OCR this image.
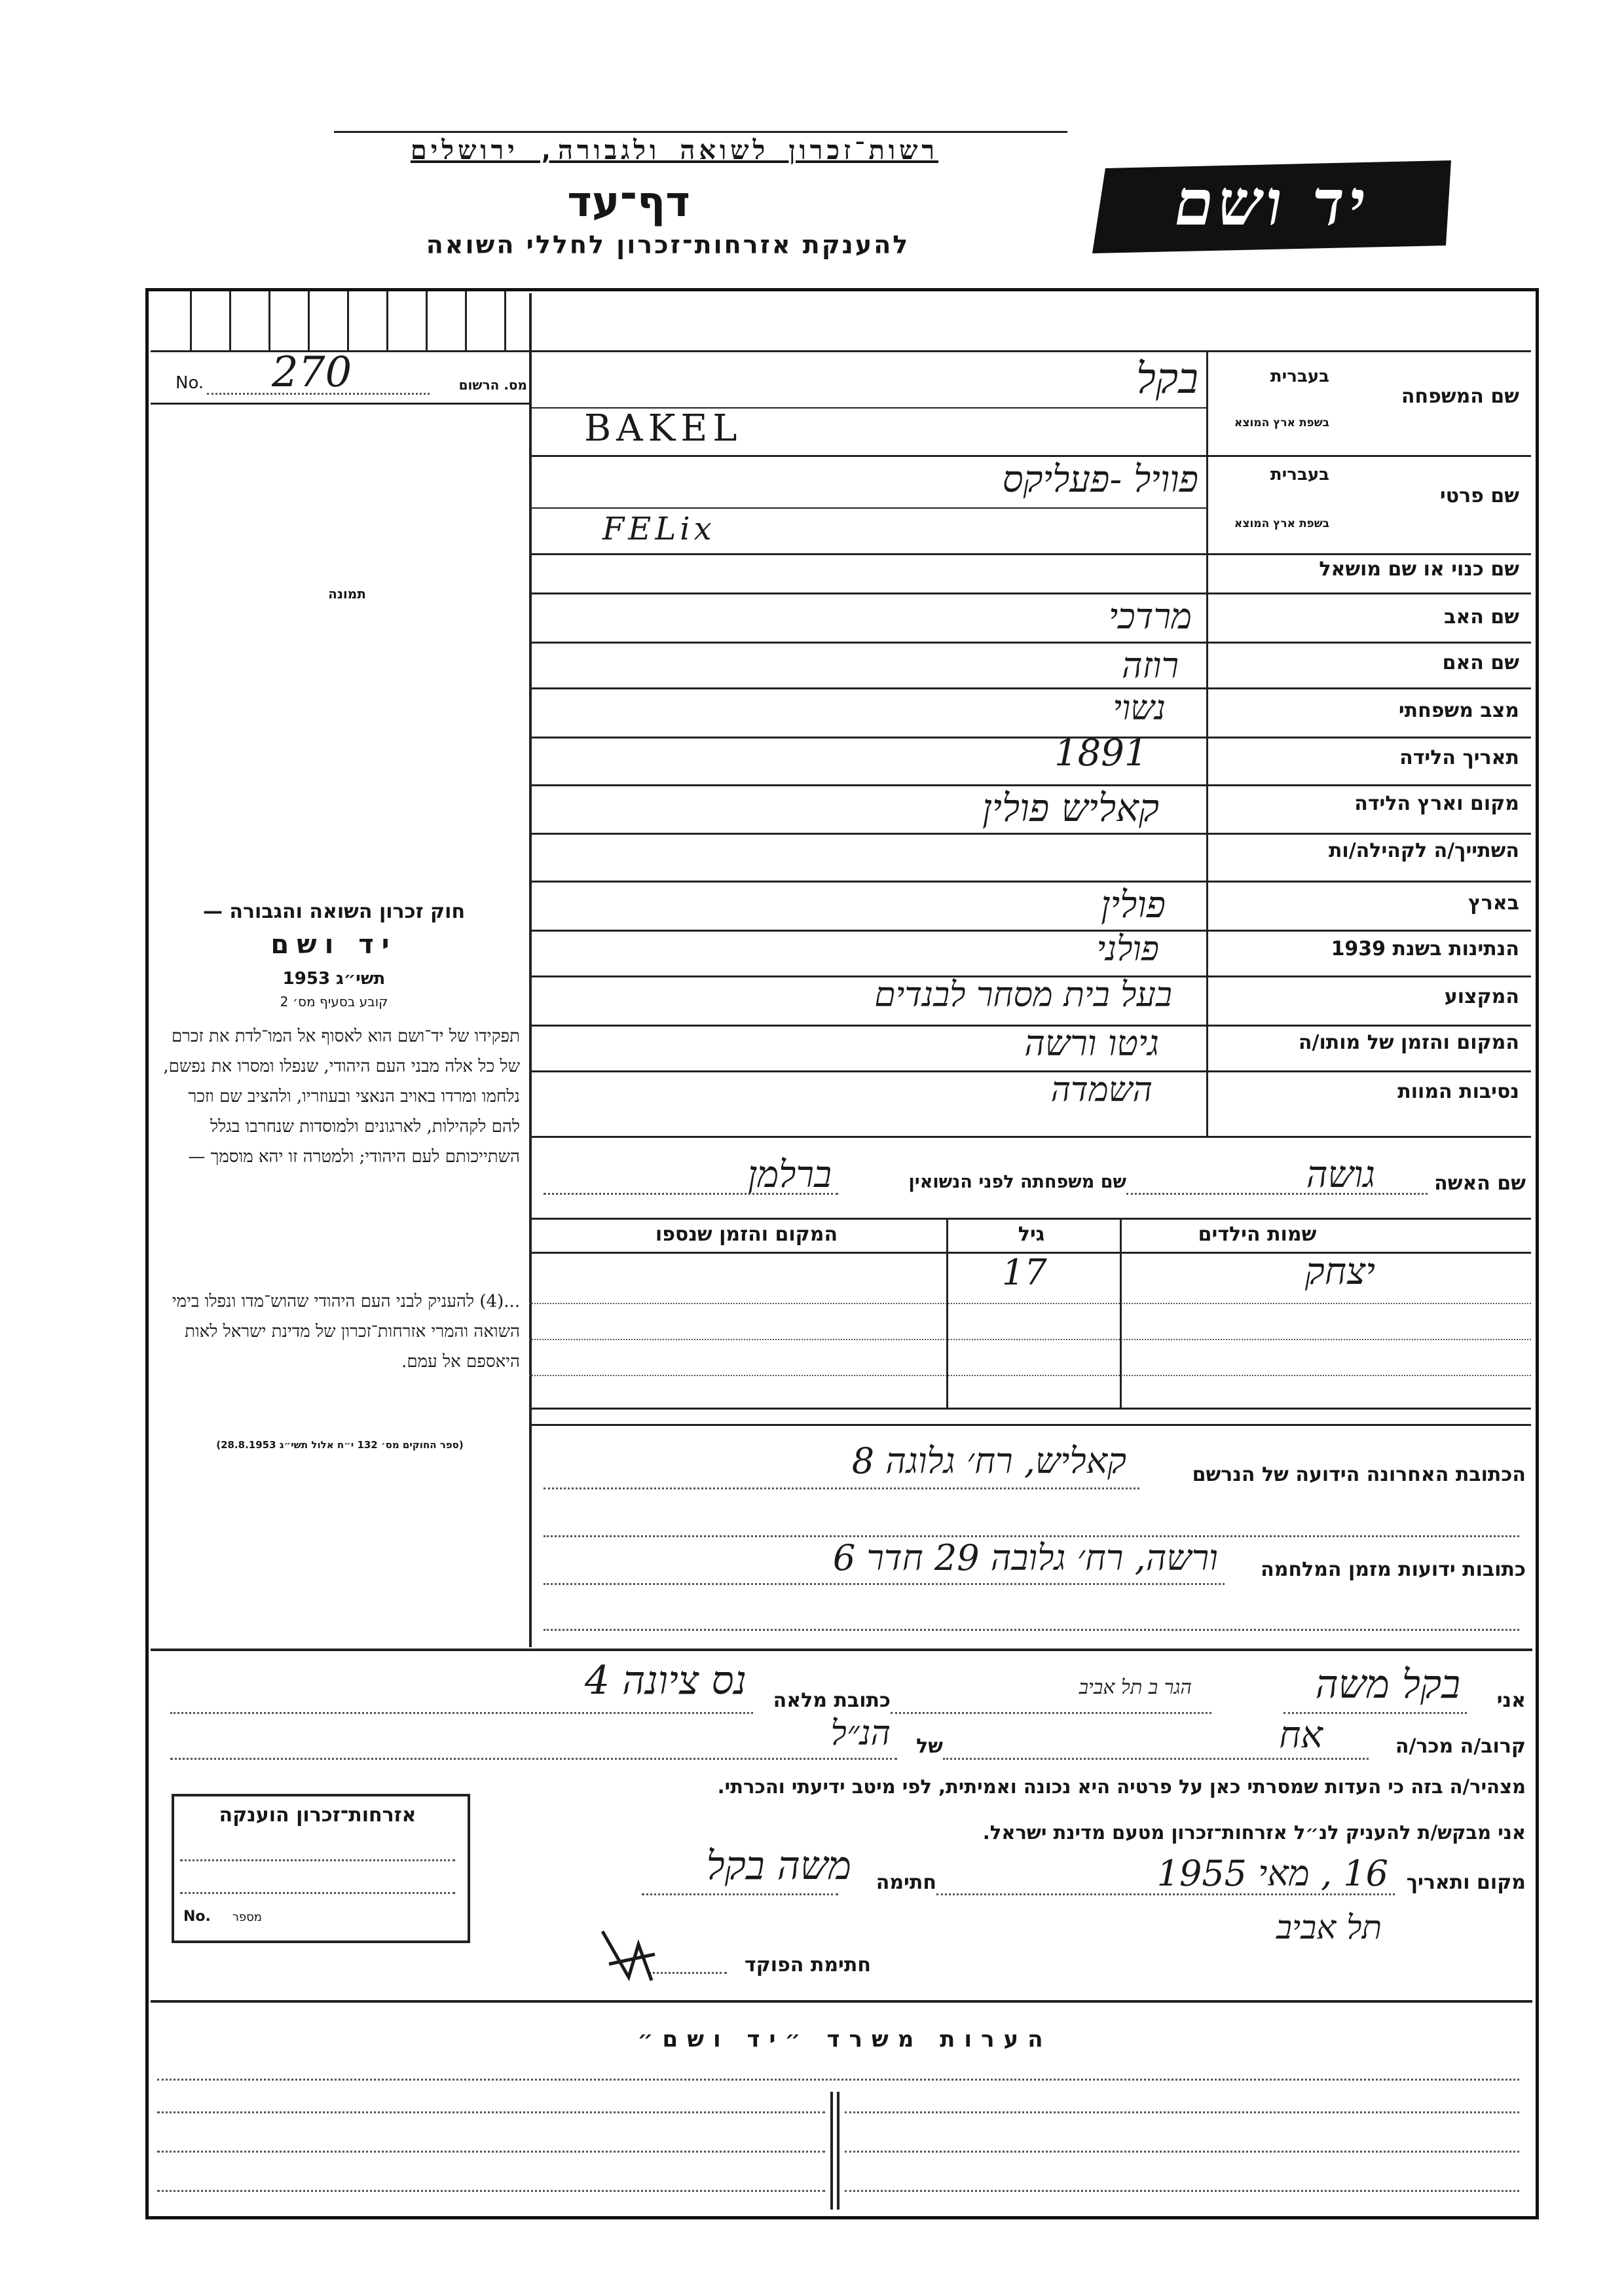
רשות־זכרון לשואה ולגבורה, ירושלים
דף־עד
להענקת אזרחות־זכרון לחללי השואה
יד ושם
No. 270	מס. הרשום
תמונה
חוק זכרון השואה והגבורה —
יד ושם
תשי״ג 1953
קובע בסעיף מס׳ 2
תפקידו של יד־ושם הוא לאסוף אל המו־לדת את זכרם של כל אלה מבני העם היהודי, שנפלו ומסרו את נפשם, נלחמו ומרדו באויב הנאצי ובעוזריו, ולהציב שם וזכר להם לקהילות, לארגונים ולמוסדות שנחרבו בגלל השתייכותם לעם היהודי; ולמטרה זו יהא מוסמך —
...(4) להעניק לבני העם היהודי שהוש־מדו ונפלו בימי השואה והמרי אזרחות־זכרון של מדינת ישראל לאות היאספם אל עמם.
(ספר החוקים מס׳ 132 י״ח אלול תשי״ג 28.8.1953)
שם המשפחה
בעברית
בשפת ארץ המוצא
בקל
BAKEL
שם פרטי
בעברית
בשפת ארץ המוצא
פוויל -פעליקס
FELix
שם כנוי או שם מושאל
שם האב
מרדכי
שם האם
רוזה
מצב משפחתי
נשוי
תאריך הלידה
1891
מקום וארץ הלידה
קאליש פולין
השתייך/ה לקהילה/ות
בארץ
פולין
הנתינות בשנת 1939
פולני
המקצוע
בעל בית מסחר לבנדים
המקום והזמן של מותו/ה
גיטו ורשה
נסיבות המוות
השמדה
שם האשה
גושה
שם משפחתה לפני הנשואין
ברלמן
שמות הילדים
גיל
המקום והזמן שנספו
יצחק
17
הכתובת האחרונה הידועה של הנרשם
קאליש, רח׳ גלוגה 8
כתובות ידועות מזמן המלחמה
ורשה, רח׳ גלובה 29 חדר 6
אני
בקל משה
הגר ב תל אביב
כתובת מלאה
נס ציונה 4
קרוב/ה מכר/ה
אח
של
הנ״ל
מצהיר/ה בזה כי העדות שמסרתי כאן על פרטיה היא נכונה ואמיתית, לפי מיטב ידיעתי והכרתי.
אני מבקש/ת להעניק לנ״ל אזרחות־זכרון מטעם מדינת ישראל.
מקום ותאריך
16 , מאי 1955
חתימה
משה בקל
תל אביב
חתימת הפוקד
אזרחות־זכרון הוענקה
No.	מספר
הערות משרד ״יד ושם״
